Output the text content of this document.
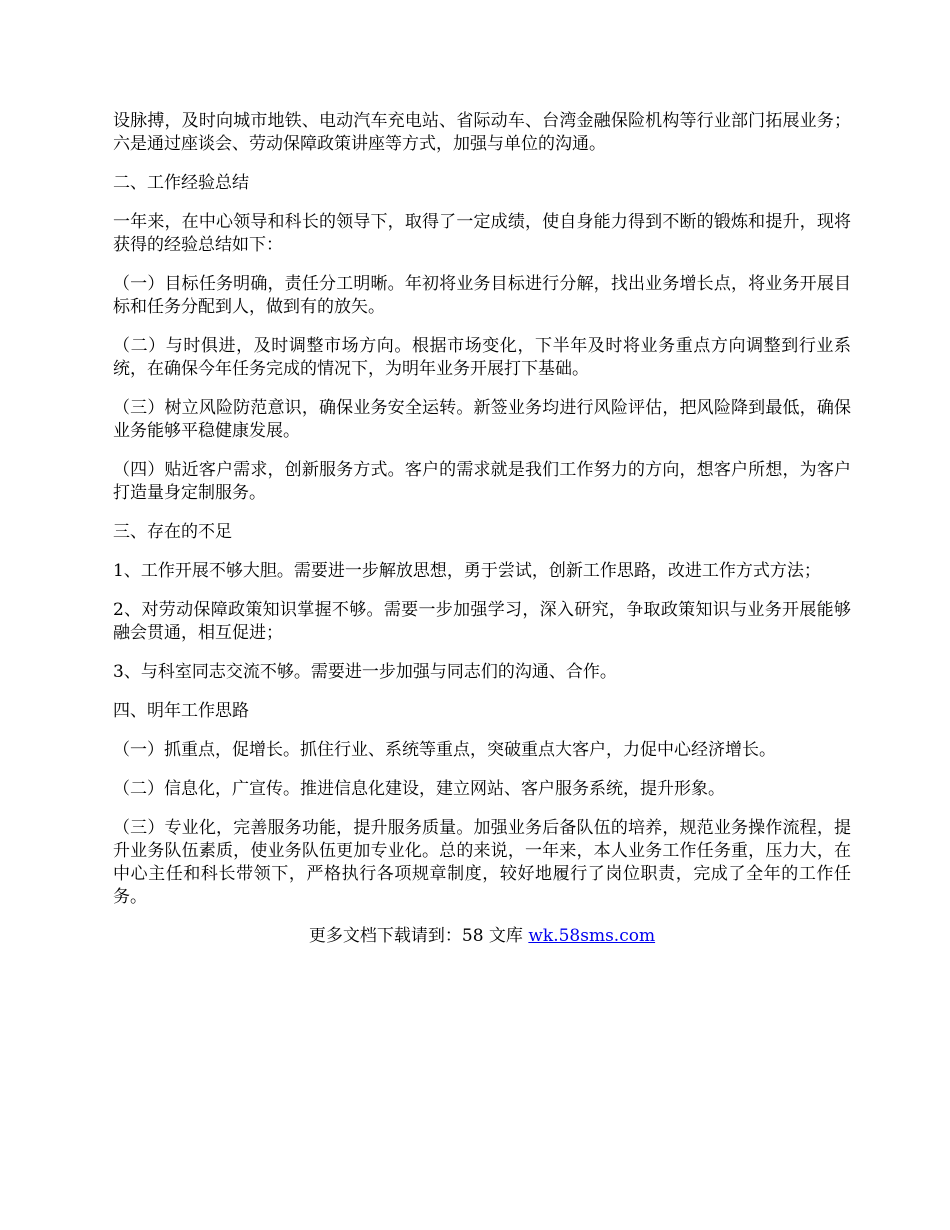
设脉搏，及时向城市地铁、电动汽车充电站、省际动车、台湾金融保险机构等行业部门拓展业务；六是通过座谈会、劳动保障政策讲座等方式，加强与单位的沟通。

二、工作经验总结

一年来，在中心领导和科长的领导下，取得了一定成绩，使自身能力得到不断的锻炼和提升，现将获得的经验总结如下：

（一）目标任务明确，责任分工明晰。年初将业务目标进行分解，找出业务增长点，将业务开展目标和任务分配到人，做到有的放矢。

（二）与时俱进，及时调整市场方向。根据市场变化，下半年及时将业务重点方向调整到行业系统，在确保今年任务完成的情况下，为明年业务开展打下基础。

（三）树立风险防范意识，确保业务安全运转。新签业务均进行风险评估，把风险降到最低，确保业务能够平稳健康发展。

（四）贴近客户需求，创新服务方式。客户的需求就是我们工作努力的方向，想客户所想，为客户打造量身定制服务。

三、存在的不足

1、工作开展不够大胆。需要进一步解放思想，勇于尝试，创新工作思路，改进工作方式方法；

2、对劳动保障政策知识掌握不够。需要一步加强学习，深入研究，争取政策知识与业务开展能够融会贯通，相互促进；

3、与科室同志交流不够。需要进一步加强与同志们的沟通、合作。

四、明年工作思路

（一）抓重点，促增长。抓住行业、系统等重点，突破重点大客户，力促中心经济增长。

（二）信息化，广宣传。推进信息化建设，建立网站、客户服务系统，提升形象。

（三）专业化，完善服务功能，提升服务质量。加强业务后备队伍的培养，规范业务操作流程，提升业务队伍素质，使业务队伍更加专业化。总的来说，一年来，本人业务工作任务重，压力大，在中心主任和科长带领下，严格执行各项规章制度，较好地履行了岗位职责，完成了全年的工作任务。

更多文档下载请到：58 文库 wk.58sms.com
